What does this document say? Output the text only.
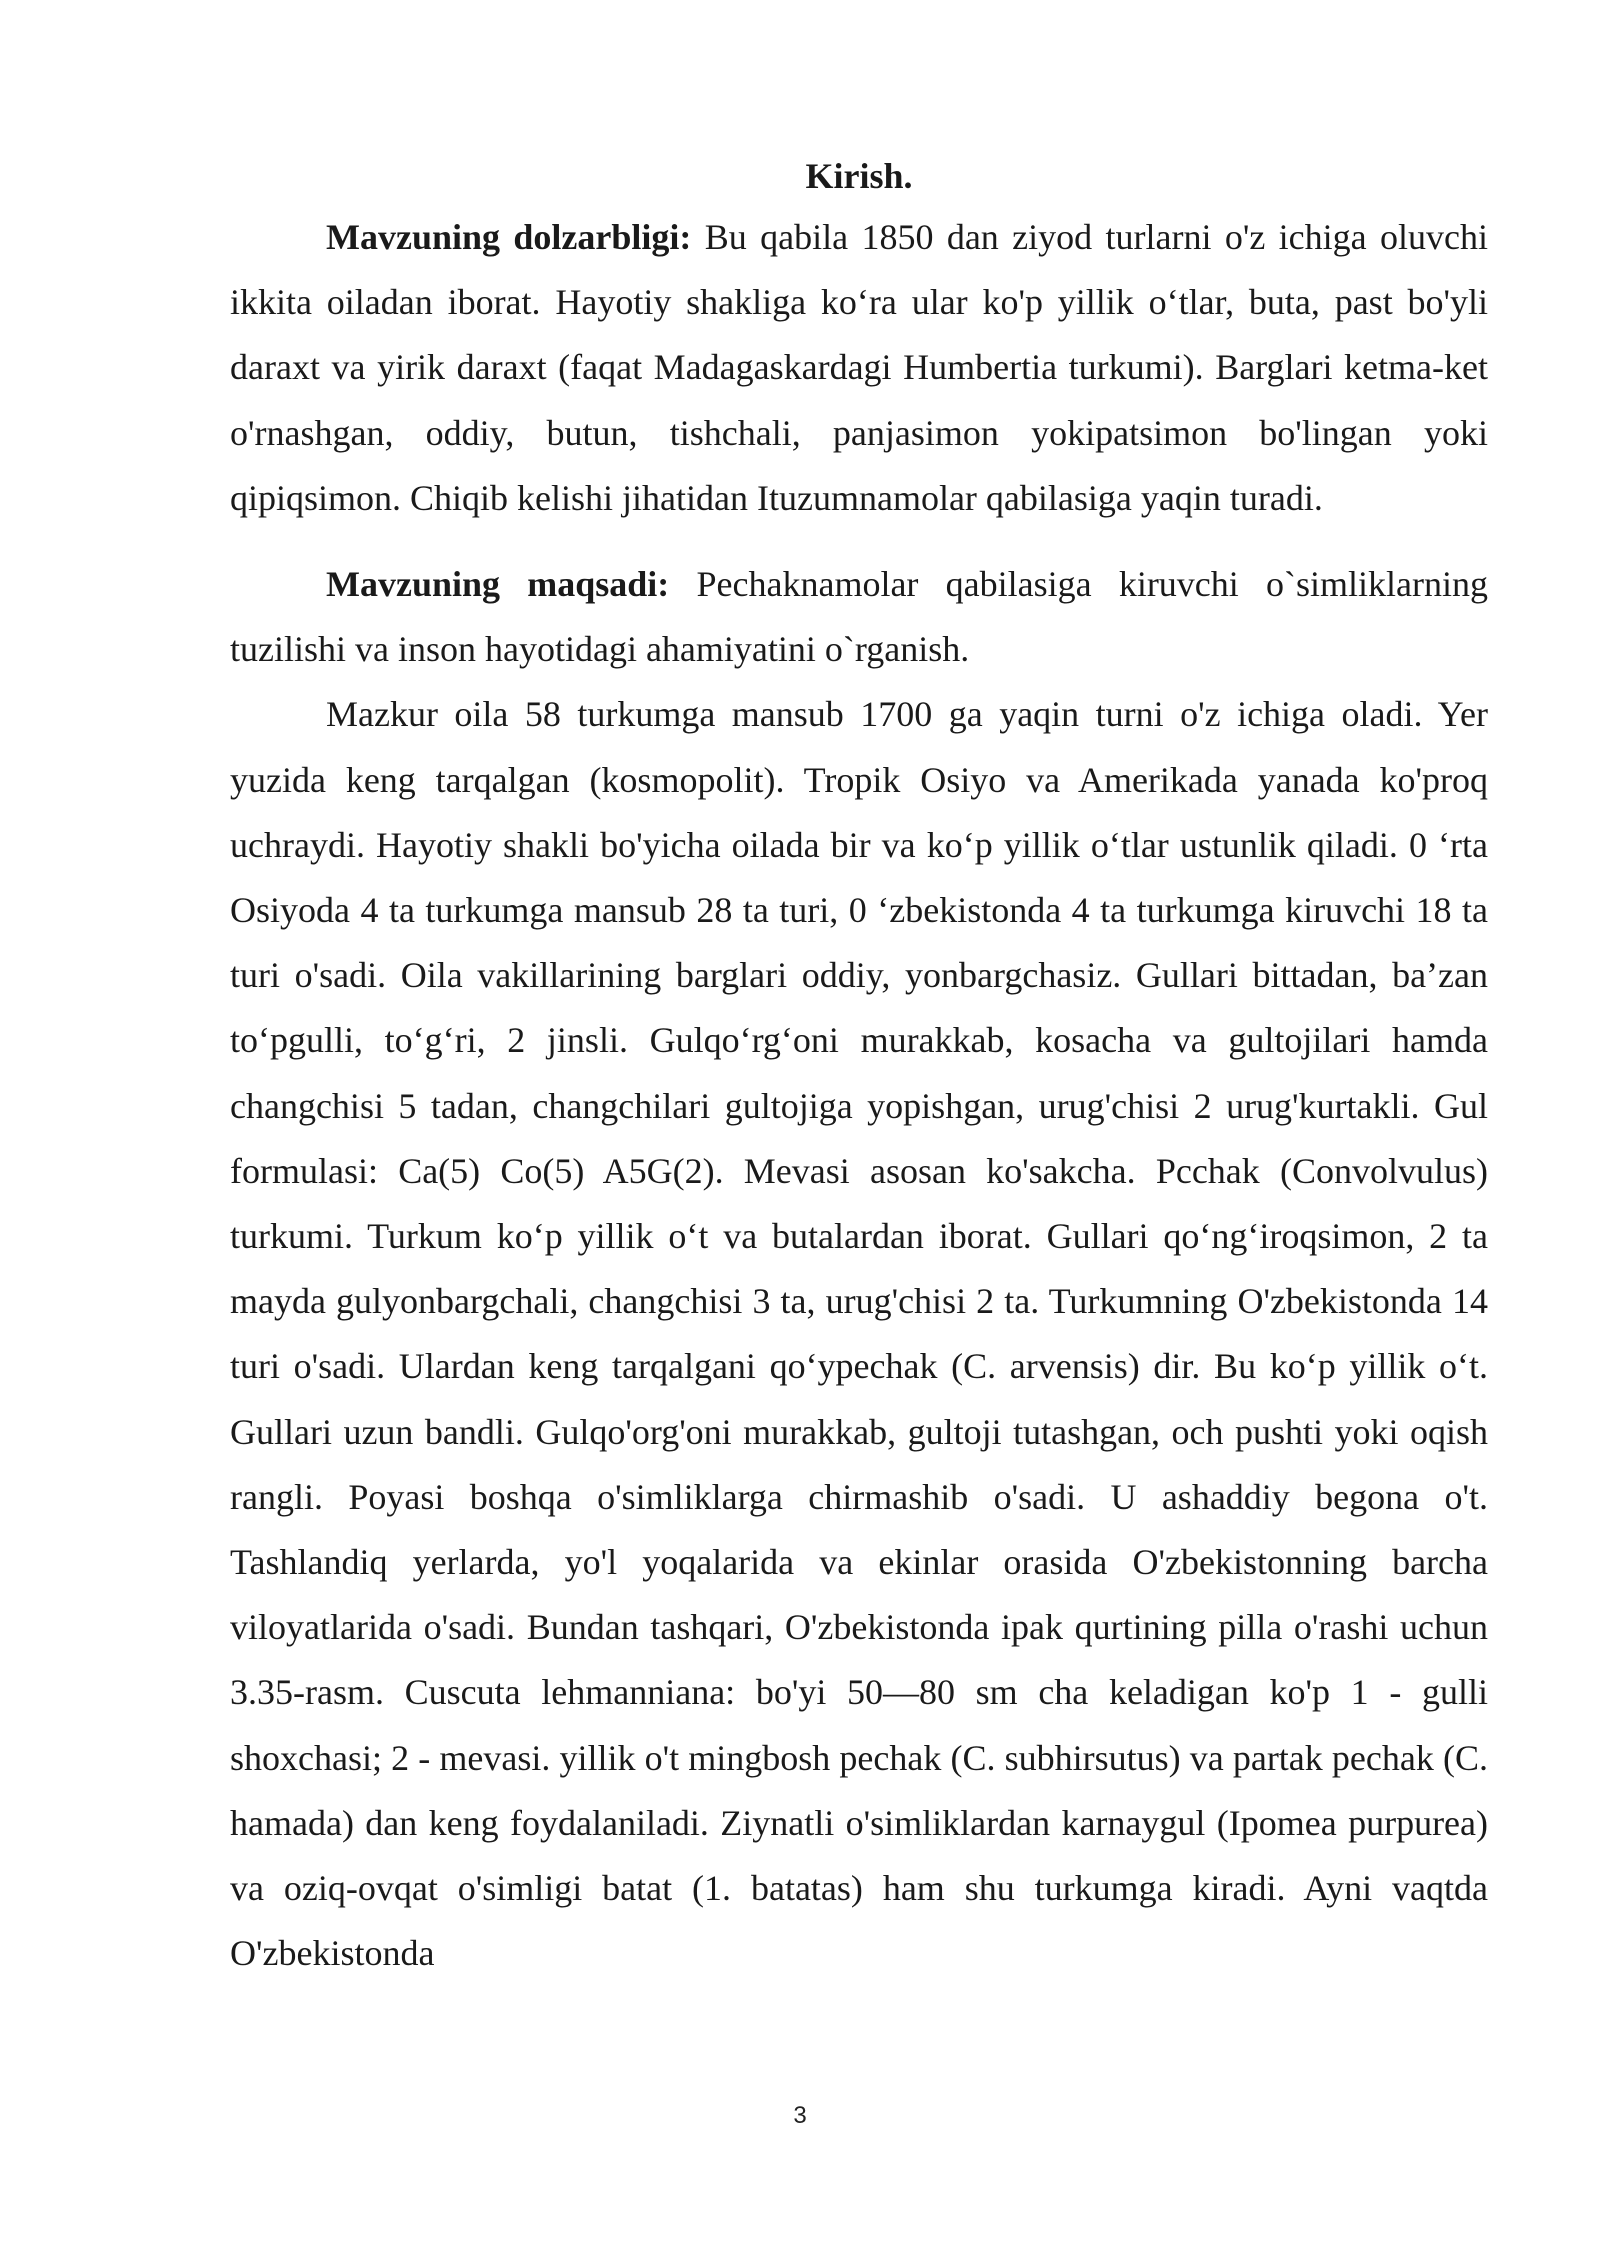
Kirish.

Mavzuning dolzarbligi: Bu qabila 1850 dan ziyod turlarni o'z ichiga oluvchi ikkita oiladan iborat. Hayotiy shakliga ko‘ra ular ko'p yillik o‘tlar, buta, past bo'yli daraxt va yirik daraxt (faqat Madagaskardagi Humbertia turkumi). Barglari ketma-ket o'rnashgan, oddiy, butun, tishchali, panjasimon yokipatsimon bo'lingan yoki qipiqsimon. Chiqib kelishi jihatidan Ituzumnamolar qabilasiga yaqin turadi.

Mavzuning maqsadi: Pechaknamolar qabilasiga kiruvchi o`simliklarning tuzilishi va inson hayotidagi ahamiyatini o`rganish.

Mazkur oila 58 turkumga mansub 1700 ga yaqin turni o'z ichiga oladi. Yer yuzida keng tarqalgan (kosmopolit). Tropik Osiyo va Amerikada yanada ko'proq uchraydi. Hayotiy shakli bo'yicha oilada bir va ko‘p yillik o‘tlar ustunlik qiladi. 0 ‘rta Osiyoda 4 ta turkumga mansub 28 ta turi, 0 ‘zbekistonda 4 ta turkumga kiruvchi 18 ta turi o'sadi. Oila vakillarining barglari oddiy, yonbargchasiz. Gullari bittadan, ba’zan to‘pgulli, to‘g‘ri, 2 jinsli. Gulqo‘rg‘oni murakkab, kosacha va gultojilari hamda changchisi 5 tadan, changchilari gultojiga yopishgan, urug'chisi 2 urug'kurtakli. Gul formulasi: Ca(5) Co(5) A5G(2). Mevasi asosan ko'sakcha. Pcchak (Convolvulus) turkumi. Turkum ko‘p yillik o‘t va butalardan iborat. Gullari qo‘ng‘iroqsimon, 2 ta mayda gulyonbargchali, changchisi 3 ta, urug'chisi 2 ta. Turkumning O'zbekistonda 14 turi o'sadi. Ulardan keng tarqalgani qo‘ypechak (C. arvensis) dir. Bu ko‘p yillik o‘t. Gullari uzun bandli. Gulqo'org'oni murakkab, gultoji tutashgan, och pushti yoki oqish rangli. Poyasi boshqa o'simliklarga chirmashib o'sadi. U ashaddiy begona o't. Tashlandiq yerlarda, yo'l yoqalarida va ekinlar orasida O'zbekistonning barcha viloyatlarida o'sadi. Bundan tashqari, O'zbekistonda ipak qurtining pilla o'rashi uchun 3.35-rasm. Cuscuta lehmanniana: bo'yi 50—80 sm cha keladigan ko'p 1 - gulli shoxchasi; 2 - mevasi. yillik o't mingbosh pechak (C. subhirsutus) va partak pechak (C. hamada) dan keng foydalaniladi. Ziynatli o'simliklardan karnaygul (Ipomea purpurea) va oziq-ovqat o'simligi batat (1. batatas) ham shu turkumga kiradi. Ayni vaqtda O'zbekistonda

3
